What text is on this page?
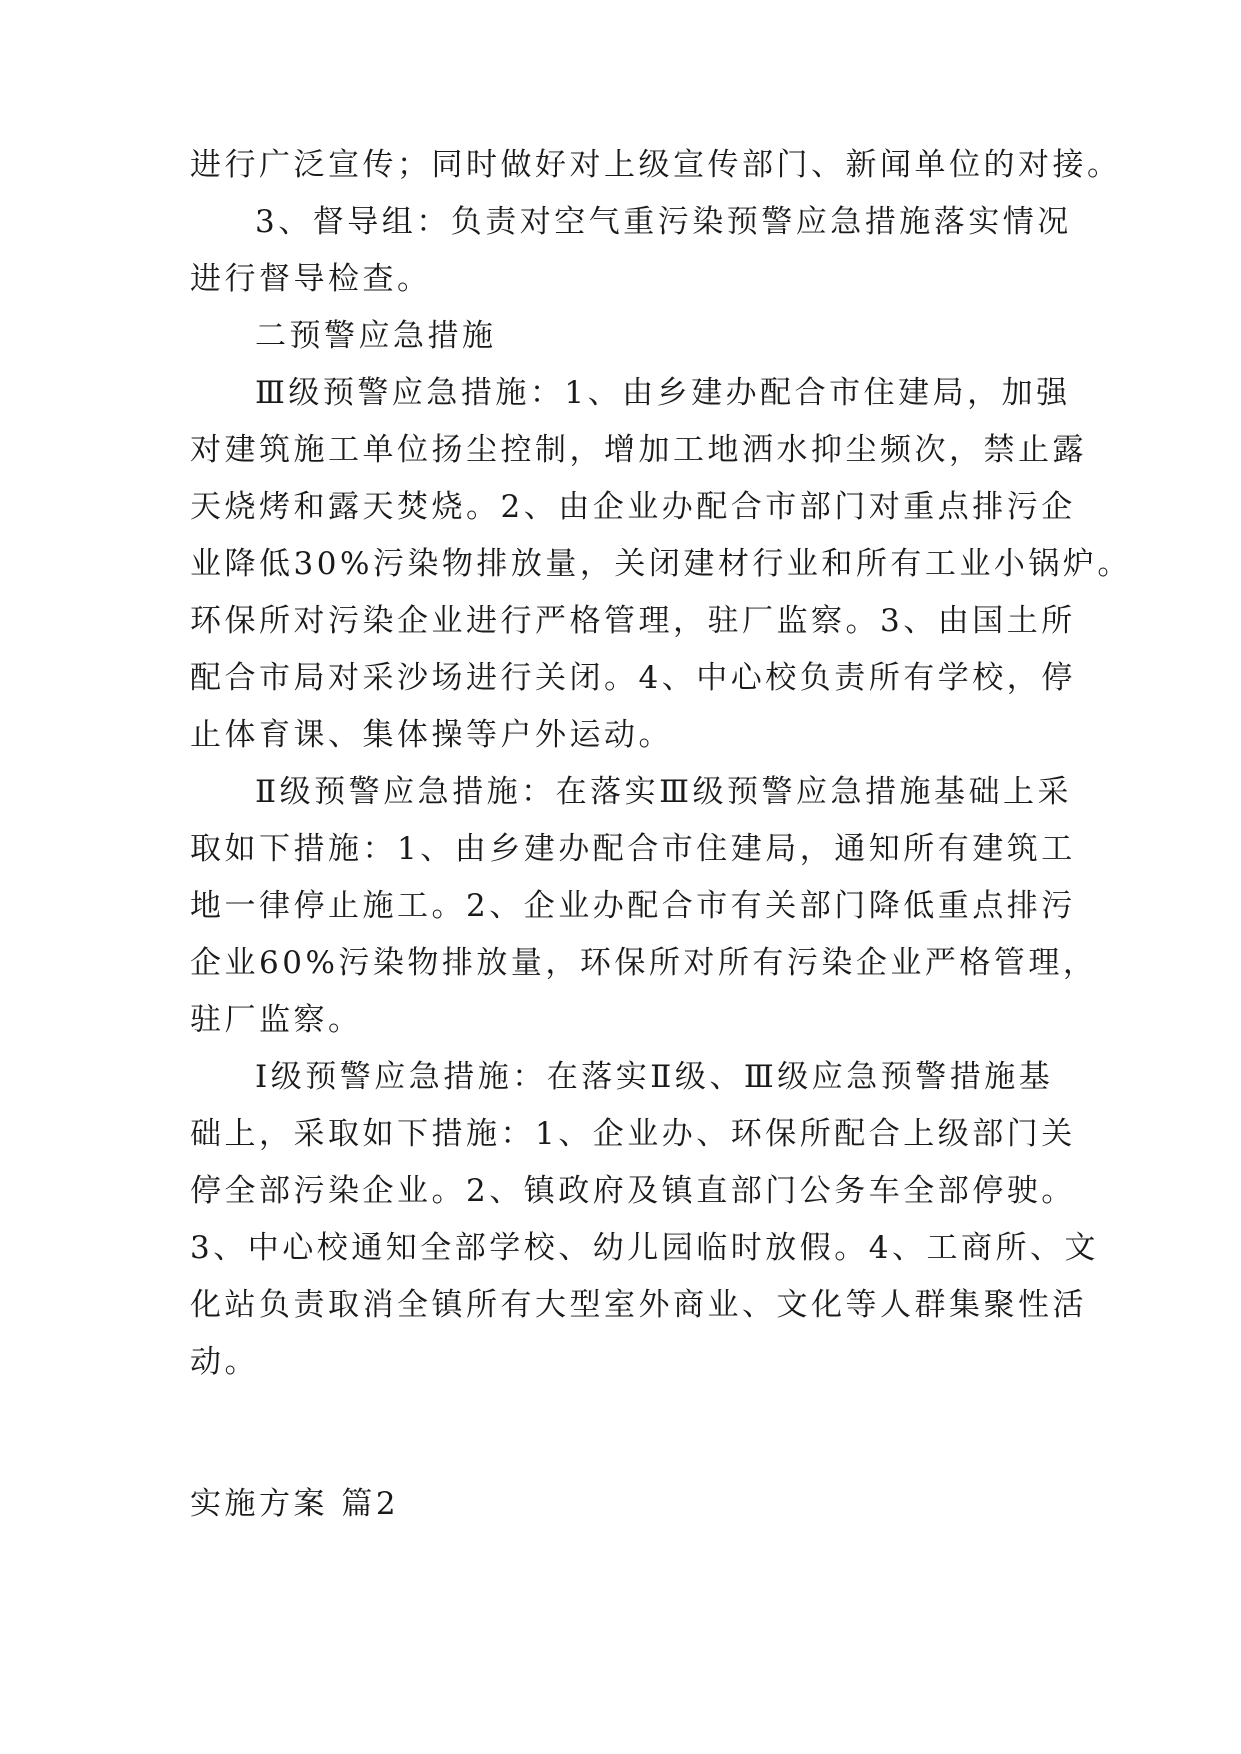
进行广泛宣传；同时做好对上级宣传部门、新闻单位的对接。
3、督导组：负责对空气重污染预警应急措施落实情况
进行督导检查。
二预警应急措施
Ⅲ级预警应急措施：1、由乡建办配合市住建局，加强
对建筑施工单位扬尘控制，增加工地洒水抑尘频次，禁止露
天烧烤和露天焚烧。2、由企业办配合市部门对重点排污企
业降低30%污染物排放量，关闭建材行业和所有工业小锅炉。
环保所对污染企业进行严格管理，驻厂监察。3、由国土所
配合市局对采沙场进行关闭。4、中心校负责所有学校，停
止体育课、集体操等户外运动。
Ⅱ级预警应急措施：在落实Ⅲ级预警应急措施基础上采
取如下措施：1、由乡建办配合市住建局，通知所有建筑工
地一律停止施工。2、企业办配合市有关部门降低重点排污
企业60%污染物排放量，环保所对所有污染企业严格管理，
驻厂监察。
Ⅰ级预警应急措施：在落实Ⅱ级、Ⅲ级应急预警措施基
础上，采取如下措施：1、企业办、环保所配合上级部门关
停全部污染企业。2、镇政府及镇直部门公务车全部停驶。
3、中心校通知全部学校、幼儿园临时放假。4、工商所、文
化站负责取消全镇所有大型室外商业、文化等人群集聚性活
动。
实施方案 篇2
